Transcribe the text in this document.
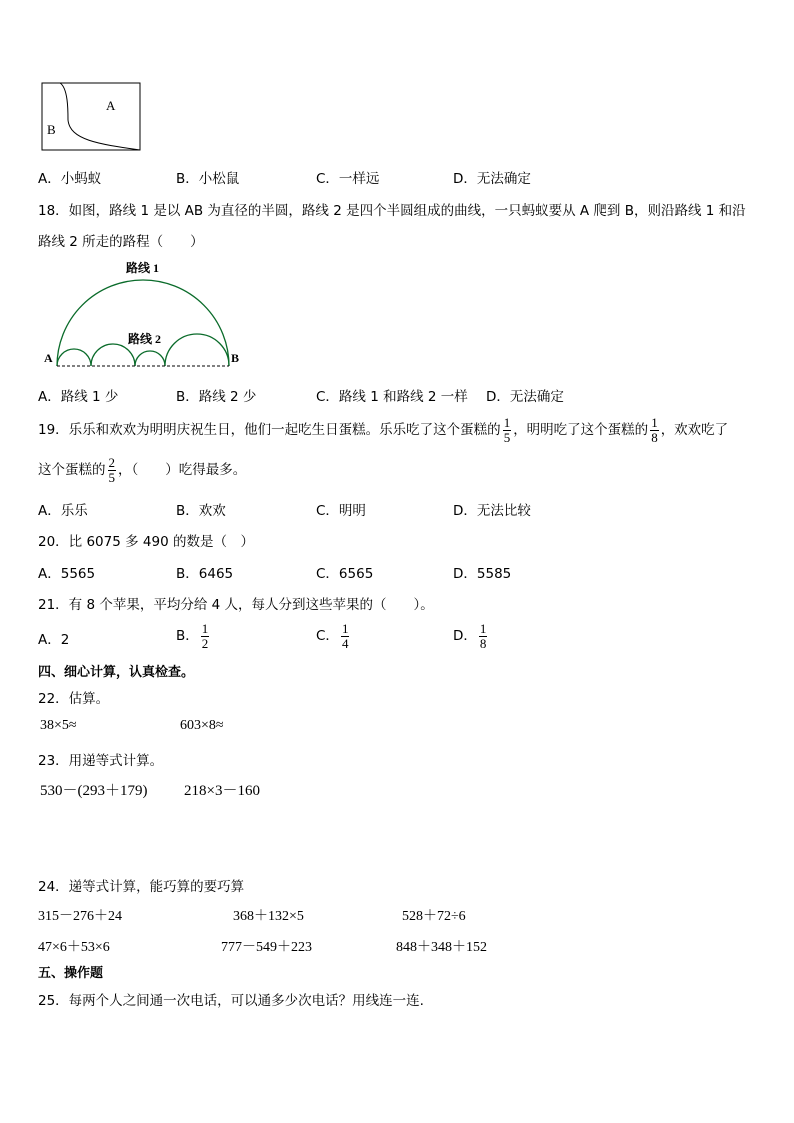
A
B
A．小蚂蚁	B．小松鼠	C．一样远	D．无法确定
18．如图，路线 1 是以 AB 为直径的半圆，路线 2 是四个半圆组成的曲线，一只蚂蚁要从 A 爬到 B，则沿路线 1 和沿
路线 2 所走的路程（　　）
路线 1
路线 2
A	B
A．路线 1 少	B．路线 2 少	C．路线 1 和路线 2 一样 D．无法确定
19．乐乐和欢欢为明明庆祝生日，他们一起吃生日蛋糕。乐乐吃了这个蛋糕的 $\frac{1}{5}$ ，明明吃了这个蛋糕的 $\frac{1}{8}$ ，欢欢吃了
这个蛋糕的 $\frac{2}{5}$ ，（　　）吃得最多。
A．乐乐	B．欢欢	C．明明	D．无法比较
20．比 6075 多 490 的数是（　）
A．5565	B．6465	C．6565	D．5585
21．有 8 个苹果，平均分给 4 人，每人分到这些苹果的（　　）。
A．2	B． $\frac{1}{2}$	C． $\frac{1}{4}$	D． $\frac{1}{8}$
四、细心计算，认真检查。
22．估算。
38×5≈	603×8≈
23．用递等式计算。
530－(293＋179) 218×3－160
24．递等式计算，能巧算的要巧算
315－276＋24	368＋132×5	528＋72÷6
47×6＋53×6	777－549＋223	848＋348＋152
五、操作题
25．每两个人之间通一次电话，可以通多少次电话？用线连一连.
